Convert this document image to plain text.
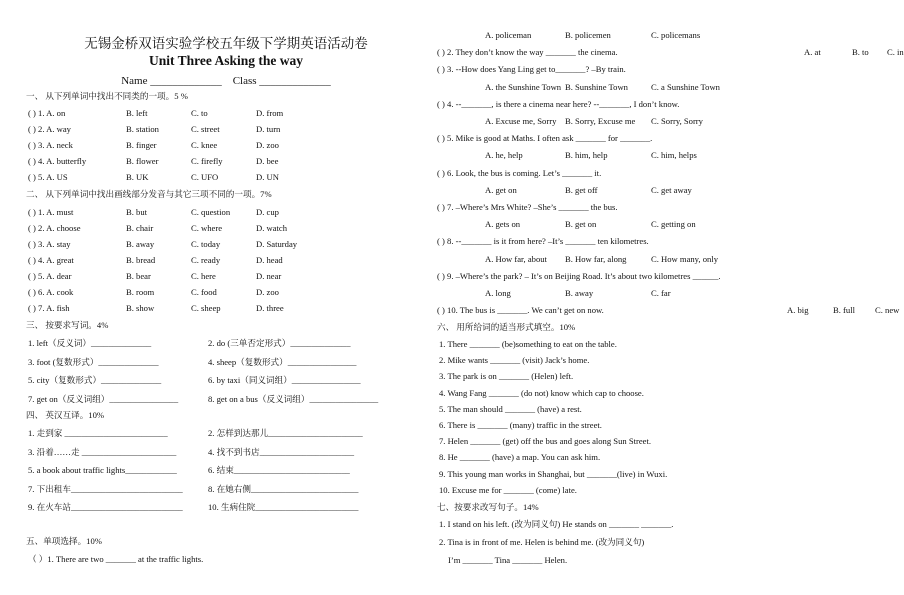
无锡金桥双语实验学校五年级下学期英语活动卷
Unit Three Asking the way
Name _____________ Class _____________
一、 从下列单词中找出不同类的一项。5 %
( ) 1. A. on	B. left	C. to	D. from
( ) 2. A. way	B. station	C. street	D. turn
( ) 3. A. neck	B. finger	C. knee	D. zoo
( ) 4. A. butterfly	B. flower	C. firefly	D. bee
( ) 5. A. US	B. UK	C. UFO	D. UN
二、 从下列单词中找出画线部分发音与其它三项不同的一项。7%
( ) 1. A. must	B. but	C. question	D. cup
( ) 2. A. choose	B. chair	C. where	D. watch
( ) 3. A. stay	B. away	C. today	D. Saturday
( ) 4. A. great	B. bread	C. ready	D. head
( ) 5. A. dear	B. bear	C. here	D. near
( ) 6. A. cook	B. room	C. food	D. zoo
( ) 7. A. fish	B. show	C. sheep	D. three
三、 按要求写词。4%
1. left（反义词）______________	2. do (三单否定形式）______________
3. foot (复数形式）______________	4. sheep（复数形式）________________
5. city（复数形式）______________	6. by taxi（同义词组）________________
7. get on（反义词组）________________	8. get on a bus（反义词组）________________
四、 英汉互译。10%
1. 走到家 ________________________	2. 怎样到达那儿______________________
3. 沿着……走 ______________________	4. 找不到书店______________________
5. a book about traffic lights____________	6. 结束___________________________
7. 下出租车__________________________	8. 在她右侧_________________________
9. 在火车站__________________________	10. 生病住院________________________
五、单项选择。10%
（ ）1. There are two _______ at the traffic lights.
A. policeman	B. policemen	C. policemans
( ) 2. They don’t know the way _______ the cinema.	A. at	B. to C. in
( ) 3. --How does Yang Ling get to_______? –By train.
A. the Sunshine Town B. Sunshine Town	C. a Sunshine Town
( ) 4. --_______, is there a cinema near here? --_______, I don’t know.
A. Excuse me, Sorry B. Sorry, Excuse me C. Sorry, Sorry
( ) 5. Mike is good at Maths. I often ask _______ for _______.
A. he, help	B. him, help	C. him, helps
( ) 6. Look, the bus is coming. Let’s _______ it.
A. get on	B. get off	C. get away
( ) 7. –Where’s Mrs White? –She’s _______ the bus.
A. gets on	B. get on	C. getting on
( ) 8. --_______ is it from here? –It’s _______ ten kilometres.
A. How far, about B. How far, along	C. How many, only
( ) 9. –Where’s the park? – It’s on Beijing Road. It’s about two kilometres ______.
A. long	B. away	C. far
( ) 10. The bus is _______. We can’t get on now.	A. big	B. full C. new
六、 用所给词的适当形式填空。10%
1. There _______ (be)something to eat on the table.
2. Mike wants _______ (visit) Jack’s home.
3. The park is on _______ (Helen) left.
4. Wang Fang _______ (do not) know which cap to choose.
5. The man should _______ (have) a rest.
6. There is _______ (many) traffic in the street.
7. Helen _______ (get) off the bus and goes along Sun Street.
8. He _______ (have) a map. You can ask him.
9. This young man works in Shanghai, but _______(live) in Wuxi.
10. Excuse me for _______ (come) late.
七、按要求改写句子。14%
1. I stand on his left. (改为同义句) He stands on _______ _______.
2. Tina is in front of me. Helen is behind me. (改为同义句)
I’m _______ Tina _______ Helen.
